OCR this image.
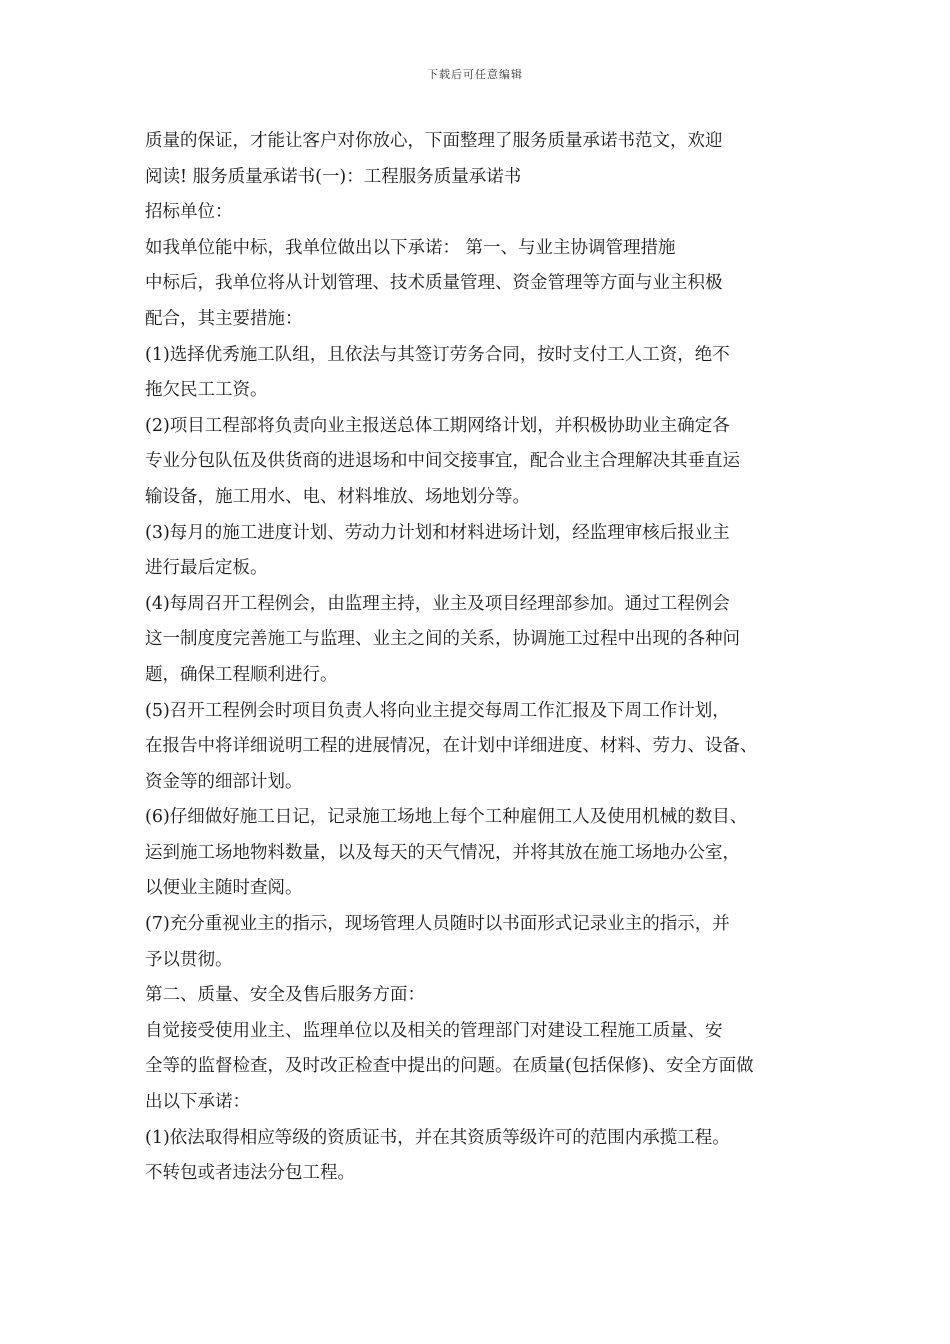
下载后可任意编辑
质量的保证，才能让客户对你放心，下面整理了服务质量承诺书范文，欢迎
阅读! 服务质量承诺书(一)：工程服务质量承诺书
招标单位：
如我单位能中标，我单位做出以下承诺： 第一、与业主协调管理措施
中标后，我单位将从计划管理、技术质量管理、资金管理等方面与业主积极
配合，其主要措施：
(1)选择优秀施工队组，且依法与其签订劳务合同，按时支付工人工资，绝不
拖欠民工工资。
(2)项目工程部将负责向业主报送总体工期网络计划，并积极协助业主确定各
专业分包队伍及供货商的进退场和中间交接事宜，配合业主合理解决其垂直运
输设备，施工用水、电、材料堆放、场地划分等。
(3)每月的施工进度计划、劳动力计划和材料进场计划，经监理审核后报业主
进行最后定板。
(4)每周召开工程例会，由监理主持，业主及项目经理部参加。通过工程例会
这一制度度完善施工与监理、业主之间的关系，协调施工过程中出现的各种问
题，确保工程顺利进行。
(5)召开工程例会时项目负责人将向业主提交每周工作汇报及下周工作计划，
在报告中将详细说明工程的进展情况，在计划中详细进度、材料、劳力、设备、
资金等的细部计划。
(6)仔细做好施工日记，记录施工场地上每个工种雇佣工人及使用机械的数目、
运到施工场地物料数量，以及每天的天气情况，并将其放在施工场地办公室，
以便业主随时查阅。
(7)充分重视业主的指示，现场管理人员随时以书面形式记录业主的指示，并
予以贯彻。
第二、质量、安全及售后服务方面：
自觉接受使用业主、监理单位以及相关的管理部门对建设工程施工质量、安
全等的监督检查，及时改正检查中提出的问题。在质量(包括保修)、安全方面做
出以下承诺：
(1)依法取得相应等级的资质证书，并在其资质等级许可的范围内承揽工程。
不转包或者违法分包工程。
